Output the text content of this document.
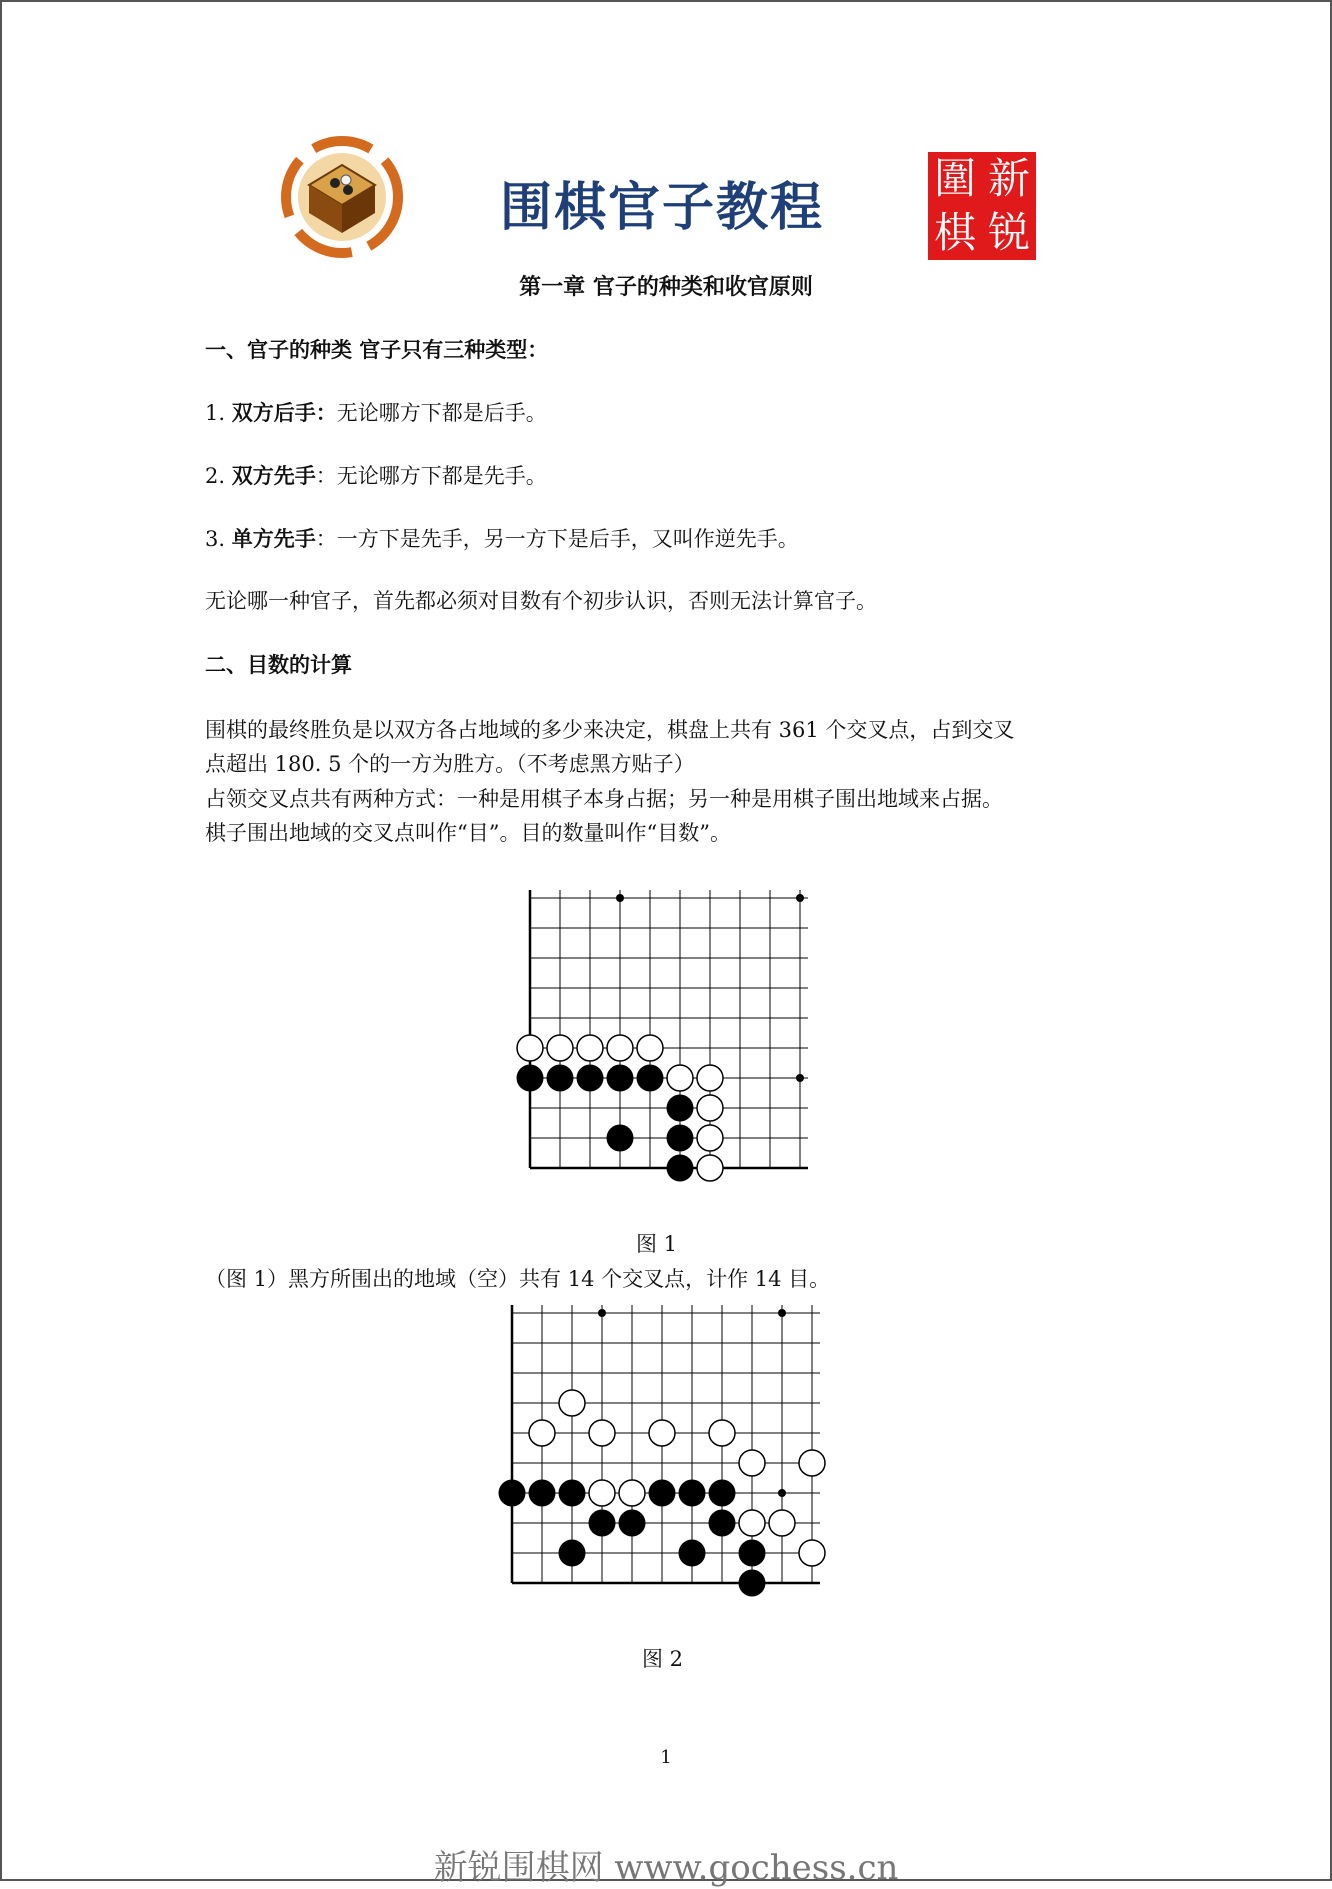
围棋官子教程	新
圍
锐
棋
第一章 官子的种类和收官原则
一、官子的种类 官子只有三种类型：
1. 双方后手：无论哪方下都是后手。
2. 双方先手：无论哪方下都是先手。
3. 单方先手：一方下是先手，另一方下是后手，又叫作逆先手。
无论哪一种官子，首先都必须对目数有个初步认识，否则无法计算官子。
二、目数的计算
围棋的最终胜负是以双方各占地域的多少来决定，棋盘上共有 361 个交叉点，占到交叉
点超出 180. 5 个的一方为胜方。（不考虑黑方贴子）
占领交叉点共有两种方式：一种是用棋子本身占据；另一种是用棋子围出地域来占据。
棋子围出地域的交叉点叫作“目”。目的数量叫作“目数”。
图 1
（图 1）黑方所围出的地域（空）共有 14 个交叉点，计作 14 目。
图 2
1
新锐围棋网 www.gochess.cn
